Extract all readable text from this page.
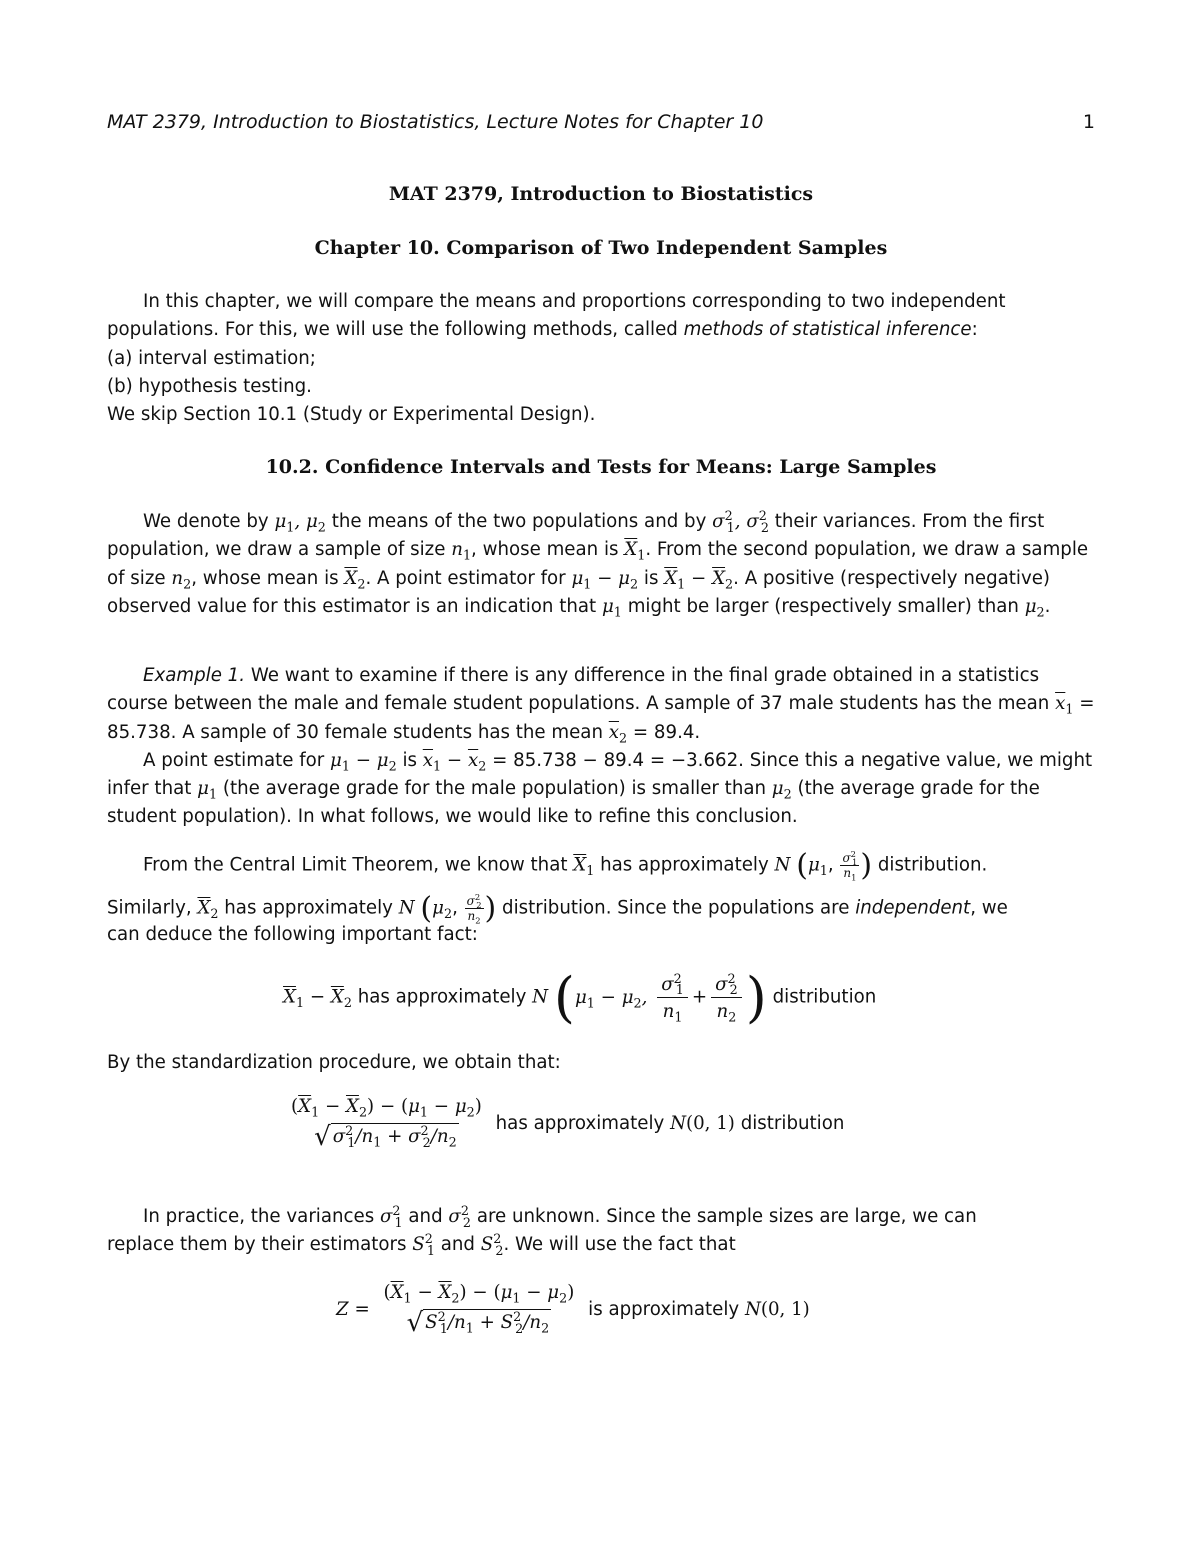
MAT 2379, Introduction to Biostatistics, Lecture Notes for Chapter 10	1
MAT 2379, Introduction to Biostatistics
Chapter 10. Comparison of Two Independent Samples

In this chapter, we will compare the means and proportions corresponding to two independent populations. For this, we will use the following methods, called methods of statistical inference:

(a) interval estimation;

(b) hypothesis testing.

We skip Section 10.1 (Study or Experimental Design).

10.2. Confidence Intervals and Tests for Means: Large Samples

We denote by $\mu_1$, $\mu_2$ the means of the two populations and by $\sigma^2_1$, $\sigma^2_2$ their variances. From the first population, we draw a sample of size $n_1$, whose mean is $\overline{X}_1$. From the second population, we draw a sample of size $n_2$, whose mean is $\overline{X}_2$. A point estimator for $\mu_1 - \mu_2$ is $\overline{X}_1 - \overline{X}_2$. A positive (respectively negative) observed value for this estimator is an indication that $\mu_1$ might be larger (respectively smaller) than $\mu_2$.

Example 1. We want to examine if there is any difference in the final grade obtained in a statistics course between the male and female student populations. A sample of 37 male students has the mean $\overline{x}_1 = 85.738$. A sample of 30 female students has the mean $\overline{x}_2 = 89.4$.

A point estimate for $\mu_1 - \mu_2$ is $\overline{x}_1 - \overline{x}_2 = 85.738 - 89.4 = -3.662$. Since this a negative value, we might infer that $\mu_1$ (the average grade for the male population) is smaller than $\mu_2$ (the average grade for the student population). In what follows, we would like to refine this conclusion.

From the Central Limit Theorem, we know that $\overline{X}_1$ has approximately N ($\mu_1$, $\frac{\sigma^2_1}{n_1}$ ) distribution.
Similarly, $\overline{X}_2$ has approximately N ($\mu_2$, $\frac{\sigma^2_2}{n_2}$ ) distribution. Since the populations are independent, we
can deduce the following important fact:
$\overline{X}_1 - \overline{X}_2$ has approximately N ($\mu_1 - \mu_2$, $\frac{\sigma^2_1}{n_1} + \frac{\sigma^2_2}{n_2}$ ) distribution
By the standardization procedure, we obtain that:
$(\overline{X}_1 - \overline{X}_2) - (\mu_1 - \mu_2)$
√ $\sigma^2_1/n_1 + \sigma^2_2/n_2$
has approximately N(0, 1) distribution
In practice, the variances $\sigma^2_1$ and $\sigma^2_2$ are unknown. Since the sample sizes are large, we can
replace them by their estimators $S^2_1$ and $S^2_2$. We will use the fact that
Z =
$(\overline{X}_1 - \overline{X}_2) - (\mu_1 - \mu_2)$
√ $S^2_1/n_1 + S^2_2/n_2$
is approximately N(0, 1)
